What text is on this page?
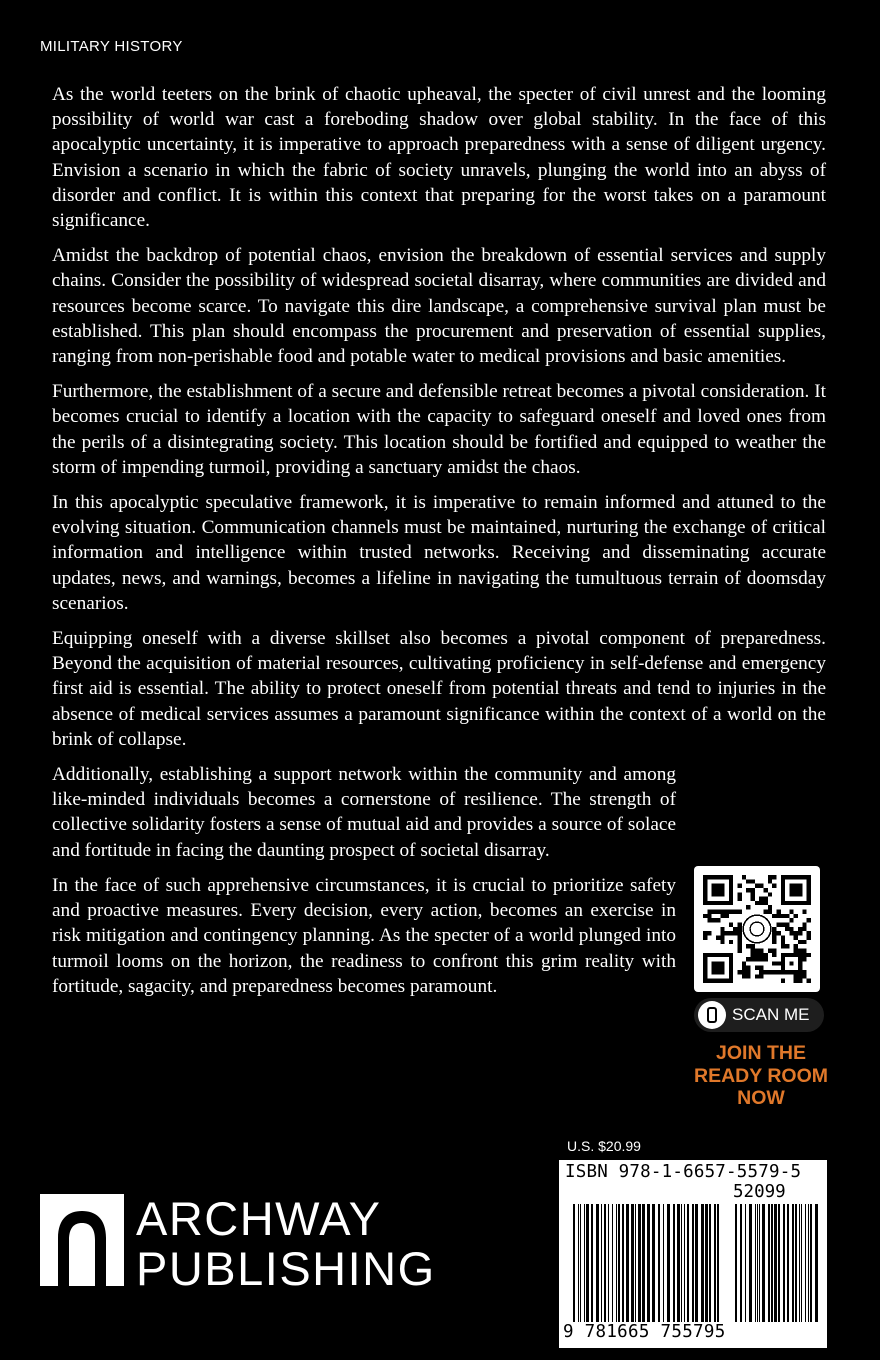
MILITARY HISTORY

As the world teeters on the brink of chaotic upheaval, the specter of civil unrest and the looming possibility of world war cast a foreboding shadow over global stability. In the face of this apocalyptic uncertainty, it is imperative to approach preparedness with a sense of diligent urgency. Envision a scenario in which the fabric of society unravels, plunging the world into an abyss of disorder and conflict. It is within this context that preparing for the worst takes on a paramount significance.

Amidst the backdrop of potential chaos, envision the breakdown of essential services and supply chains. Consider the possibility of widespread societal disarray, where communities are divided and resources become scarce. To navigate this dire landscape, a comprehensive survival plan must be established. This plan should encompass the procurement and preservation of essential supplies, ranging from non-perishable food and potable water to medical provisions and basic amenities.

Furthermore, the establishment of a secure and defensible retreat becomes a pivotal consideration. It becomes crucial to identify a location with the capacity to safeguard oneself and loved ones from the perils of a disintegrating society. This location should be fortified and equipped to weather the storm of impending turmoil, providing a sanctuary amidst the chaos.

In this apocalyptic speculative framework, it is imperative to remain informed and attuned to the evolving situation. Communication channels must be maintained, nurturing the exchange of critical information and intelligence within trusted networks. Receiving and disseminating accurate updates, news, and warnings, becomes a lifeline in navigating the tumultuous terrain of doomsday scenarios.

Equipping oneself with a diverse skillset also becomes a pivotal component of preparedness. Beyond the acquisition of material resources, cultivating proficiency in self-defense and emergency first aid is essential. The ability to protect oneself from potential threats and tend to injuries in the absence of medical services assumes a paramount significance within the context of a world on the brink of collapse.

Additionally, establishing a support network within the community and among like-minded individuals becomes a cornerstone of resilience. The strength of collective solidarity fosters a sense of mutual aid and provides a source of solace and fortitude in facing the daunting prospect of societal disarray.

In the face of such apprehensive circumstances, it is crucial to prioritize safety and proactive measures. Every decision, every action, becomes an exercise in risk mitigation and contingency planning. As the specter of a world plunged into turmoil looms on the horizon, the readiness to confront this grim reality with fortitude, sagacity, and preparedness becomes paramount.

SCAN ME
JOIN THE
READY ROOM
NOW
ARCHWAY
PUBLISHING
U.S. $20.99
ISBN 978-1-6657-5579-5
52099
9 781665 755795
